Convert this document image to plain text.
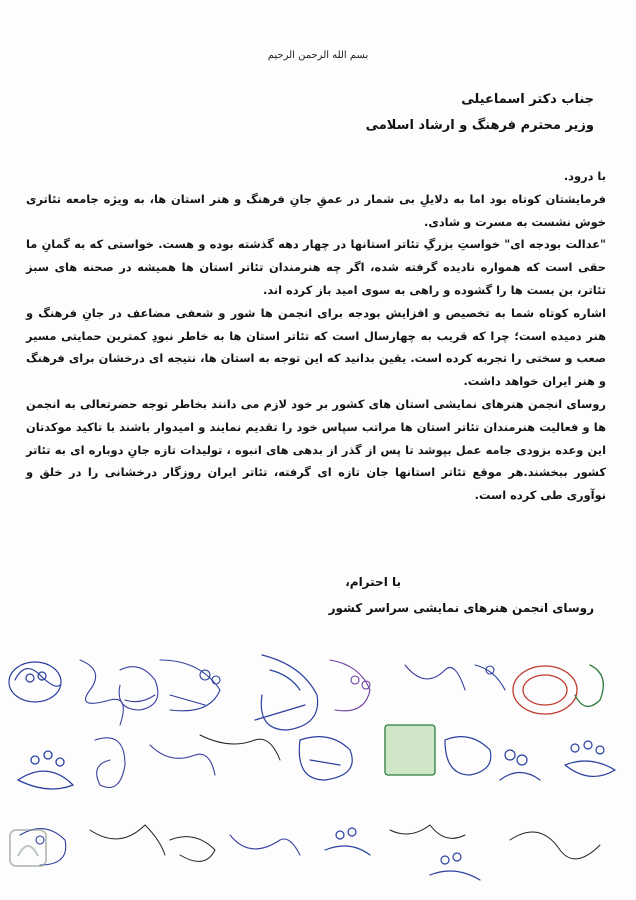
بسم الله الرحمن الرحیم
جناب دکتر اسماعیلی
وزیر محترم فرهنگ و ارشاد اسلامی

با درود.

فرمایشتان کوتاه بود اما به دلایلِ بی شمار در عمقِ جانِ فرهنگ و هنر استان ها، به ویژه جامعه تئاتری خوش نشست به مسرت و شادی.

"عدالت بودجه ای" خواستِ بزرگِ تئاتر استانها در چهار دهه گذشته بوده و هست. خواستی که به گمانِ ما حقی است که همواره نادیده گرفته شده، اگر چه هنرمندان تئاتر استان ها همیشه در صحنه های سبز تئاتر، بن بست ها را گشوده و راهی به سوی امید باز کرده اند.

اشاره کوتاه شما به تخصیص و افزایش بودجه برای انجمن ها شور و شعفی مضاعف در جانِ فرهنگ و هنر دمیده است؛ چرا که قریب به چهارسال است که تئاتر استان ها به خاطر نبودِ کمترین حمایتی مسیر صعب و سختی را تجربه کرده است. یقین بدانید که این توجه به استان ها، نتیجه ای درخشان برای فرهنگ و هنر ایران خواهد داشت.

روسای انجمن هنرهای نمایشی استان های کشور بر خود لازم می دانند بخاطر توجه حضرتعالی به انجمن ها و فعالیت هنرمندان تئاتر استان ها مراتب سپاس خود را تقدیم نمایند و امیدوار باشند با تاکید موکدتان این وعده بزودی جامه عمل بپوشد تا پس از گذر از بدهی های انبوه ، تولیدات تازه جانِ دوباره ای به تئاتر کشور ببخشند.هر موقع تئاتر استانها جان تازه ای گرفته، تئاتر ایران روزگار درخشانی را در خلق و نوآوری طی کرده است.

با احترام،
روسای انجمن هنرهای نمایشی سراسر کشور
